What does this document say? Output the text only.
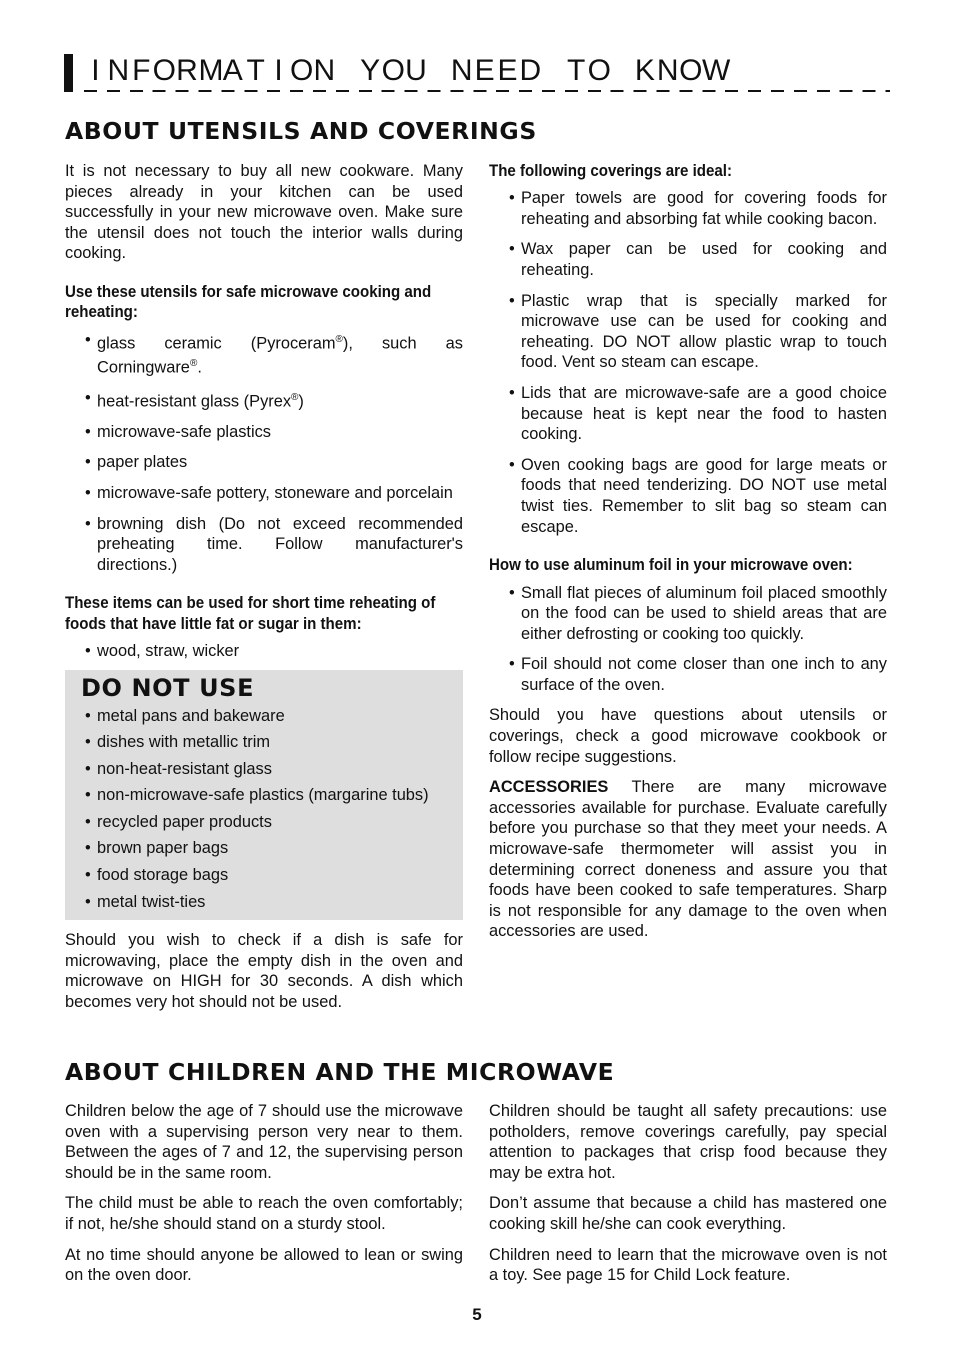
I N F O R M A T I O N
Y O U
N E E D
T O
K N O W
ABOUT UTENSILS AND COVERINGS

It is not necessary to buy all new cookware. Many pieces already in your kitchen can be used successfully in your new microwave oven. Make sure the utensil does not touch the interior walls during cooking.

Use these utensils for safe microwave cooking and reheating:
• glass ceramic (Pyroceram®), such as Corningware®.
• heat-resistant glass (Pyrex®)
• microwave-safe plastics
• paper plates
• microwave-safe pottery, stoneware and porcelain
• browning dish (Do not exceed recommended preheating time. Follow manufacturer's directions.)
These items can be used for short time reheating of foods that have little fat or sugar in them:
• wood, straw, wicker
DO NOT USE
• metal pans and bakeware
• dishes with metallic trim
• non-heat-resistant glass
• non-microwave-safe plastics (margarine tubs)
• recycled paper products
• brown paper bags
• food storage bags
• metal twist-ties

Should you wish to check if a dish is safe for microwaving, place the empty dish in the oven and microwave on HIGH for 30 seconds. A dish which becomes very hot should not be used.

The following coverings are ideal:
• Paper towels are good for covering foods for reheating and absorbing fat while cooking bacon.
• Wax paper can be used for cooking and reheating.
• Plastic wrap that is specially marked for microwave use can be used for cooking and reheating. DO NOT allow plastic wrap to touch food. Vent so steam can escape.
• Lids that are microwave-safe are a good choice because heat is kept near the food to hasten cooking.
• Oven cooking bags are good for large meats or foods that need tenderizing. DO NOT use metal twist ties. Remember to slit bag so steam can escape.
How to use aluminum foil in your microwave oven:
• Small flat pieces of aluminum foil placed smoothly on the food can be used to shield areas that are either defrosting or cooking too quickly.
• Foil should not come closer than one inch to any surface of the oven.

Should you have questions about utensils or coverings, check a good microwave cookbook or follow recipe suggestions.

ACCESSORIES There are many microwave accessories available for purchase. Evaluate carefully before you purchase so that they meet your needs. A microwave-safe thermometer will assist you in determining correct doneness and assure you that foods have been cooked to safe temperatures. Sharp is not responsible for any damage to the oven when accessories are used.

ABOUT CHILDREN AND THE MICROWAVE

Children below the age of 7 should use the microwave oven with a supervising person very near to them. Between the ages of 7 and 12, the supervising person should be in the same room.

The child must be able to reach the oven comfortably; if not, he/she should stand on a sturdy stool.

At no time should anyone be allowed to lean or swing on the oven door.

Children should be taught all safety precautions: use potholders, remove coverings carefully, pay special attention to packages that crisp food because they may be extra hot.

Don’t assume that because a child has mastered one cooking skill he/she can cook everything.

Children need to learn that the microwave oven is not a toy. See page 15 for Child Lock feature.

5
